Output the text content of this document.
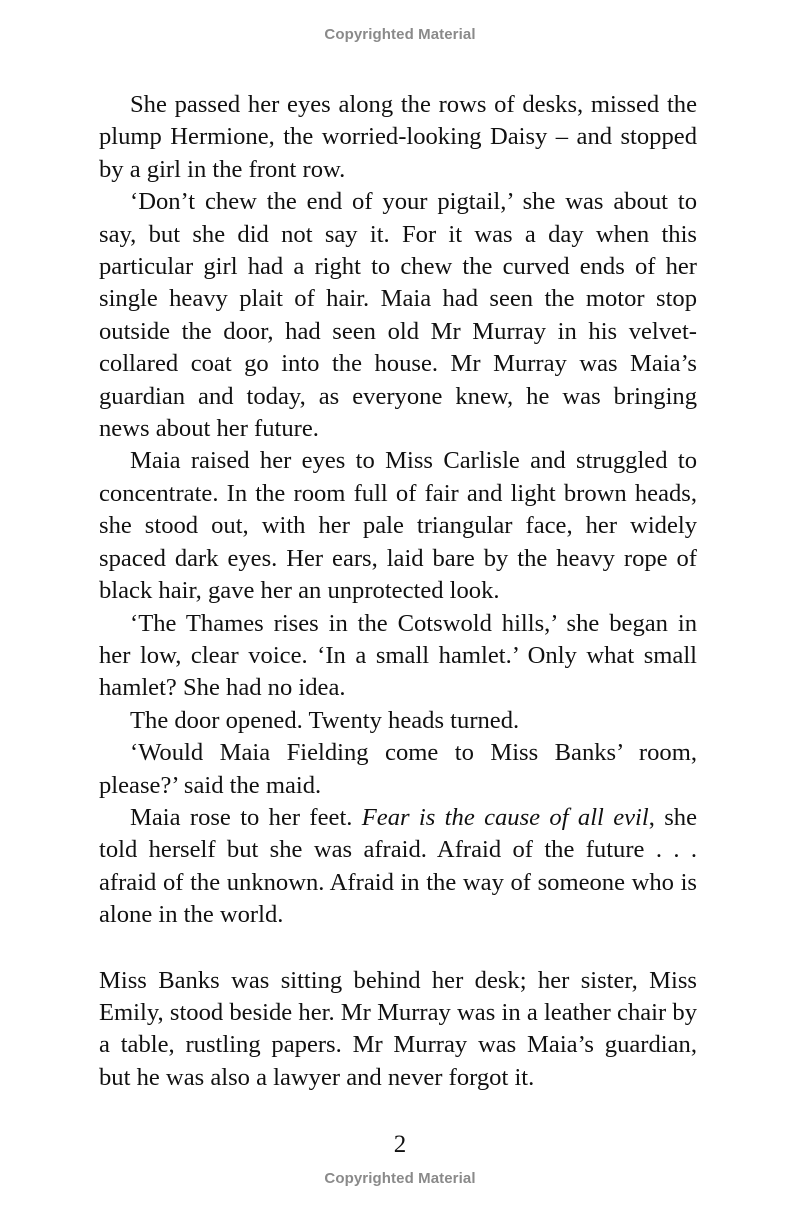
Copyrighted Material

She passed her eyes along the rows of desks, missed the plump Hermione, the worried-looking Daisy – and stopped by a girl in the front row.

‘Don’t chew the end of your pigtail,’ she was about to say, but she did not say it. For it was a day when this particular girl had a right to chew the curved ends of her single heavy plait of hair. Maia had seen the motor stop outside the door, had seen old Mr Murray in his velvet-collared coat go into the house. Mr Murray was Maia’s guardian and today, as everyone knew, he was bringing news about her future.

Maia raised her eyes to Miss Carlisle and struggled to concentrate. In the room full of fair and light brown heads, she stood out, with her pale triangular face, her widely spaced dark eyes. Her ears, laid bare by the heavy rope of black hair, gave her an unprotected look.

‘The Thames rises in the Cotswold hills,’ she began in her low, clear voice. ‘In a small hamlet.’ Only what small hamlet? She had no idea.

The door opened. Twenty heads turned.

‘Would Maia Fielding come to Miss Banks’ room, please?’ said the maid.

Maia rose to her feet. Fear is the cause of all evil, she told herself but she was afraid. Afraid of the future . . . afraid of the unknown. Afraid in the way of someone who is alone in the world.

Miss Banks was sitting behind her desk; her sister, Miss Emily, stood beside her. Mr Murray was in a leather chair by a table, rustling papers. Mr Murray was Maia’s guardian, but he was also a lawyer and never forgot it.

2
Copyrighted Material
